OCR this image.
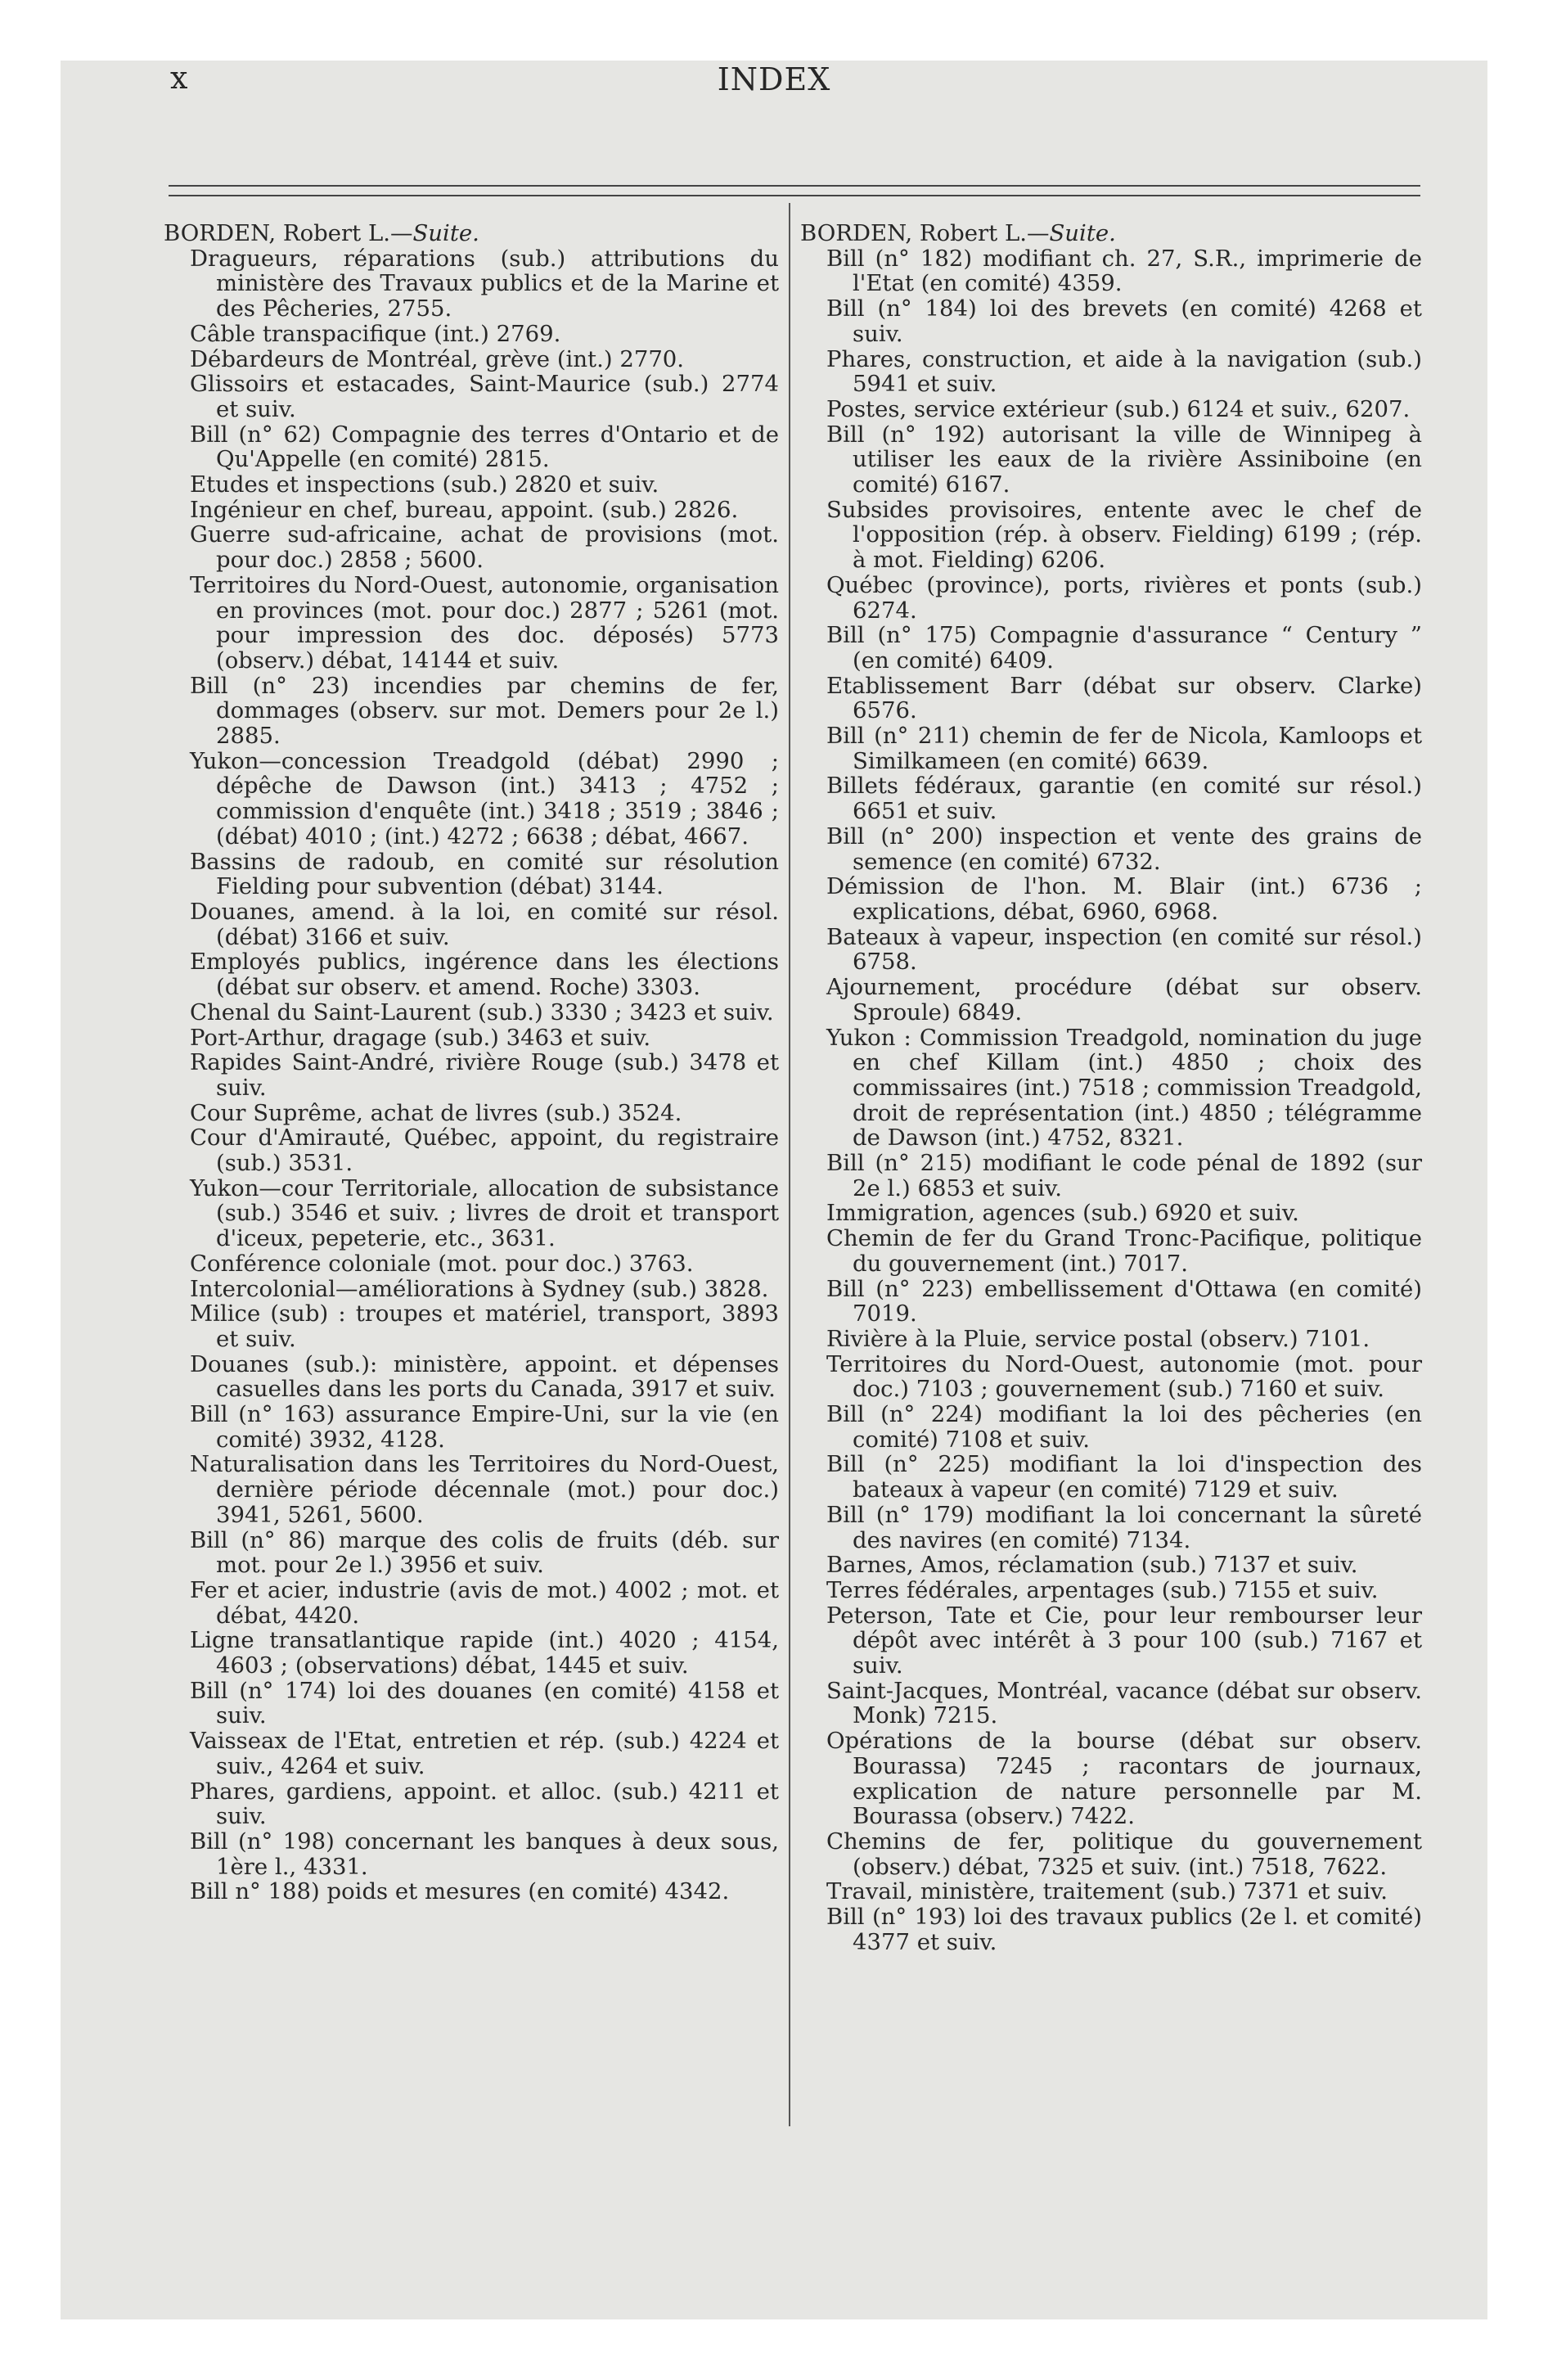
x	INDEX
BORDEN, Robert L.—Suite.
Dragueurs, réparations (sub.) attributions du ministère des Travaux publics et de la Marine et des Pêcheries, 2755.
Câble transpacifique (int.) 2769.
Débardeurs de Montréal, grève (int.) 2770.
Glissoirs et estacades, Saint-Maurice (sub.) 2774 et suiv.
Bill (n° 62) Compagnie des terres d'Ontario et de Qu'Appelle (en comité) 2815.
Etudes et inspections (sub.) 2820 et suiv.
Ingénieur en chef, bureau, appoint. (sub.) 2826.
Guerre sud-africaine, achat de provisions (mot. pour doc.) 2858 ; 5600.
Territoires du Nord-Ouest, autonomie, organisation en provinces (mot. pour doc.) 2877 ; 5261 (mot. pour impression des doc. déposés) 5773 (observ.) débat, 14144 et suiv.
Bill (n° 23) incendies par chemins de fer, dommages (observ. sur mot. Demers pour 2e l.) 2885.
Yukon—concession Treadgold (débat) 2990 ; dépêche de Dawson (int.) 3413 ; 4752 ; commission d'enquête (int.) 3418 ; 3519 ; 3846 ; (débat) 4010 ; (int.) 4272 ; 6638 ; débat, 4667.
Bassins de radoub, en comité sur résolution Fielding pour subvention (débat) 3144.
Douanes, amend. à la loi, en comité sur résol. (débat) 3166 et suiv.
Employés publics, ingérence dans les élections (débat sur observ. et amend. Roche) 3303.
Chenal du Saint-Laurent (sub.) 3330 ; 3423 et suiv.
Port-Arthur, dragage (sub.) 3463 et suiv.
Rapides Saint-André, rivière Rouge (sub.) 3478 et suiv.
Cour Suprême, achat de livres (sub.) 3524.
Cour d'Amirauté, Québec, appoint, du registraire (sub.) 3531.
Yukon—cour Territoriale, allocation de subsistance (sub.) 3546 et suiv. ; livres de droit et transport d'iceux, pepeterie, etc., 3631.
Conférence coloniale (mot. pour doc.) 3763.
Intercolonial—améliorations à Sydney (sub.) 3828.
Milice (sub) : troupes et matériel, transport, 3893 et suiv.
Douanes (sub.): ministère, appoint. et dépenses casuelles dans les ports du Canada, 3917 et suiv.
Bill (n° 163) assurance Empire-Uni, sur la vie (en comité) 3932, 4128.
Naturalisation dans les Territoires du Nord-Ouest, dernière période décennale (mot.) pour doc.) 3941, 5261, 5600.
Bill (n° 86) marque des colis de fruits (déb. sur mot. pour 2e l.) 3956 et suiv.
Fer et acier, industrie (avis de mot.) 4002 ; mot. et débat, 4420.
Ligne transatlantique rapide (int.) 4020 ; 4154, 4603 ; (observations) débat, 1445 et suiv.
Bill (n° 174) loi des douanes (en comité) 4158 et suiv.
Vaisseax de l'Etat, entretien et rép. (sub.) 4224 et suiv., 4264 et suiv.
Phares, gardiens, appoint. et alloc. (sub.) 4211 et suiv.
Bill (n° 198) concernant les banques à deux sous, 1ère l., 4331.
Bill n° 188) poids et mesures (en comité) 4342.
BORDEN, Robert L.—Suite.
Bill (n° 182) modifiant ch. 27, S.R., imprimerie de l'Etat (en comité) 4359.
Bill (n° 184) loi des brevets (en comité) 4268 et suiv.
Phares, construction, et aide à la navigation (sub.) 5941 et suiv.
Postes, service extérieur (sub.) 6124 et suiv., 6207.
Bill (n° 192) autorisant la ville de Winnipeg à utiliser les eaux de la rivière Assiniboine (en comité) 6167.
Subsides provisoires, entente avec le chef de l'opposition (rép. à observ. Fielding) 6199 ; (rép. à mot. Fielding) 6206.
Québec (province), ports, rivières et ponts (sub.) 6274.
Bill (n° 175) Compagnie d'assurance “ Century ” (en comité) 6409.
Etablissement Barr (débat sur observ. Clarke) 6576.
Bill (n° 211) chemin de fer de Nicola, Kamloops et Similkameen (en comité) 6639.
Billets fédéraux, garantie (en comité sur résol.) 6651 et suiv.
Bill (n° 200) inspection et vente des grains de semence (en comité) 6732.
Démission de l'hon. M. Blair (int.) 6736 ; explications, débat, 6960, 6968.
Bateaux à vapeur, inspection (en comité sur résol.) 6758.
Ajournement, procédure (débat sur observ. Sproule) 6849.
Yukon : Commission Treadgold, nomination du juge en chef Killam (int.) 4850 ; choix des commissaires (int.) 7518 ; commission Treadgold, droit de représentation (int.) 4850 ; télégramme de Dawson (int.) 4752, 8321.
Bill (n° 215) modifiant le code pénal de 1892 (sur 2e l.) 6853 et suiv.
Immigration, agences (sub.) 6920 et suiv.
Chemin de fer du Grand Tronc-Pacifique, politique du gouvernement (int.) 7017.
Bill (n° 223) embellissement d'Ottawa (en comité) 7019.
Rivière à la Pluie, service postal (observ.) 7101.
Territoires du Nord-Ouest, autonomie (mot. pour doc.) 7103 ; gouvernement (sub.) 7160 et suiv.
Bill (n° 224) modifiant la loi des pêcheries (en comité) 7108 et suiv.
Bill (n° 225) modifiant la loi d'inspection des bateaux à vapeur (en comité) 7129 et suiv.
Bill (n° 179) modifiant la loi concernant la sûreté des navires (en comité) 7134.
Barnes, Amos, réclamation (sub.) 7137 et suiv.
Terres fédérales, arpentages (sub.) 7155 et suiv.
Peterson, Tate et Cie, pour leur rembourser leur dépôt avec intérêt à 3 pour 100 (sub.) 7167 et suiv.
Saint-Jacques, Montréal, vacance (débat sur observ. Monk) 7215.
Opérations de la bourse (débat sur observ. Bourassa) 7245 ; racontars de journaux, explication de nature personnelle par M. Bourassa (observ.) 7422.
Chemins de fer, politique du gouvernement (observ.) débat, 7325 et suiv. (int.) 7518, 7622.
Travail, ministère, traitement (sub.) 7371 et suiv.
Bill (n° 193) loi des travaux publics (2e l. et comité) 4377 et suiv.
